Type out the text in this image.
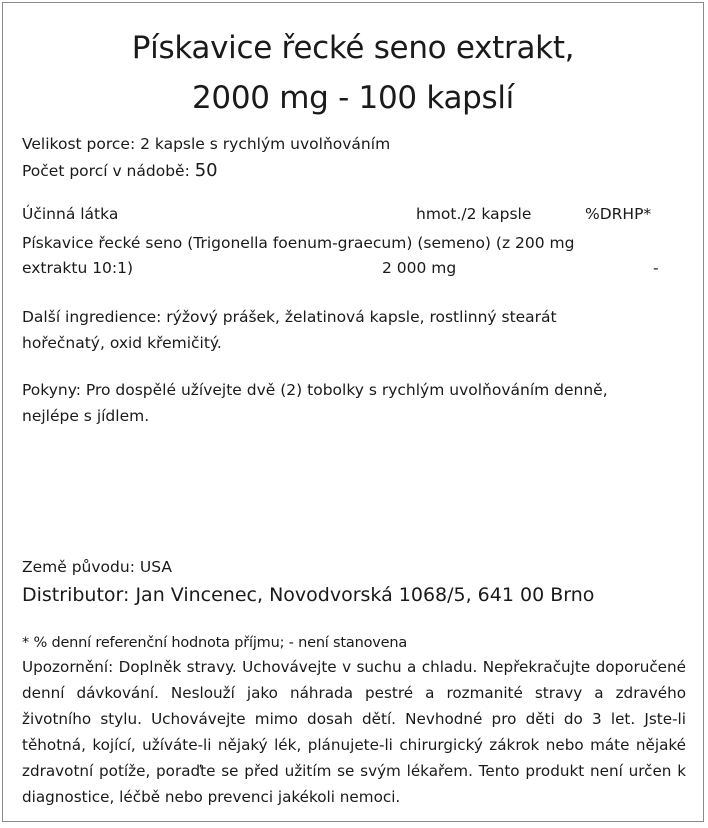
Pískavice řecké seno extrakt,
2000 mg - 100 kapslí
Velikost porce: 2 kapsle s rychlým uvolňováním
Počet porcí v nádobě: 50
Účinná látka	hmot./2 kapsle	%DRHP*
Pískavice řecké seno (Trigonella foenum-graecum) (semeno) (z 200 mg
extraktu 10:1)	2 000 mg	-
Další ingredience: rýžový prášek, želatinová kapsle, rostlinný stearát
hořečnatý, oxid křemičitý.
Pokyny: Pro dospělé užívejte dvě (2) tobolky s rychlým uvolňováním denně,
nejlépe s jídlem.
Země původu: USA
Distributor: Jan Vincenec, Novodvorská 1068/5, 641 00 Brno
* % denní referenční hodnota příjmu; - není stanovena
Upozornění: Doplněk stravy. Uchovávejte v suchu a chladu. Nepřekračujte doporučené denní dávkování. Neslouží jako náhrada pestré a rozmanité stravy a zdravého životního stylu. Uchovávejte mimo dosah dětí. Nevhodné pro děti do 3 let. Jste-li těhotná, kojící, užíváte-li nějaký lék, plánujete-li chirurgický zákrok nebo máte nějaké zdravotní potíže, poraďte se před užitím se svým lékařem. Tento produkt není určen k diagnostice, léčbě nebo prevenci jakékoli nemoci.
